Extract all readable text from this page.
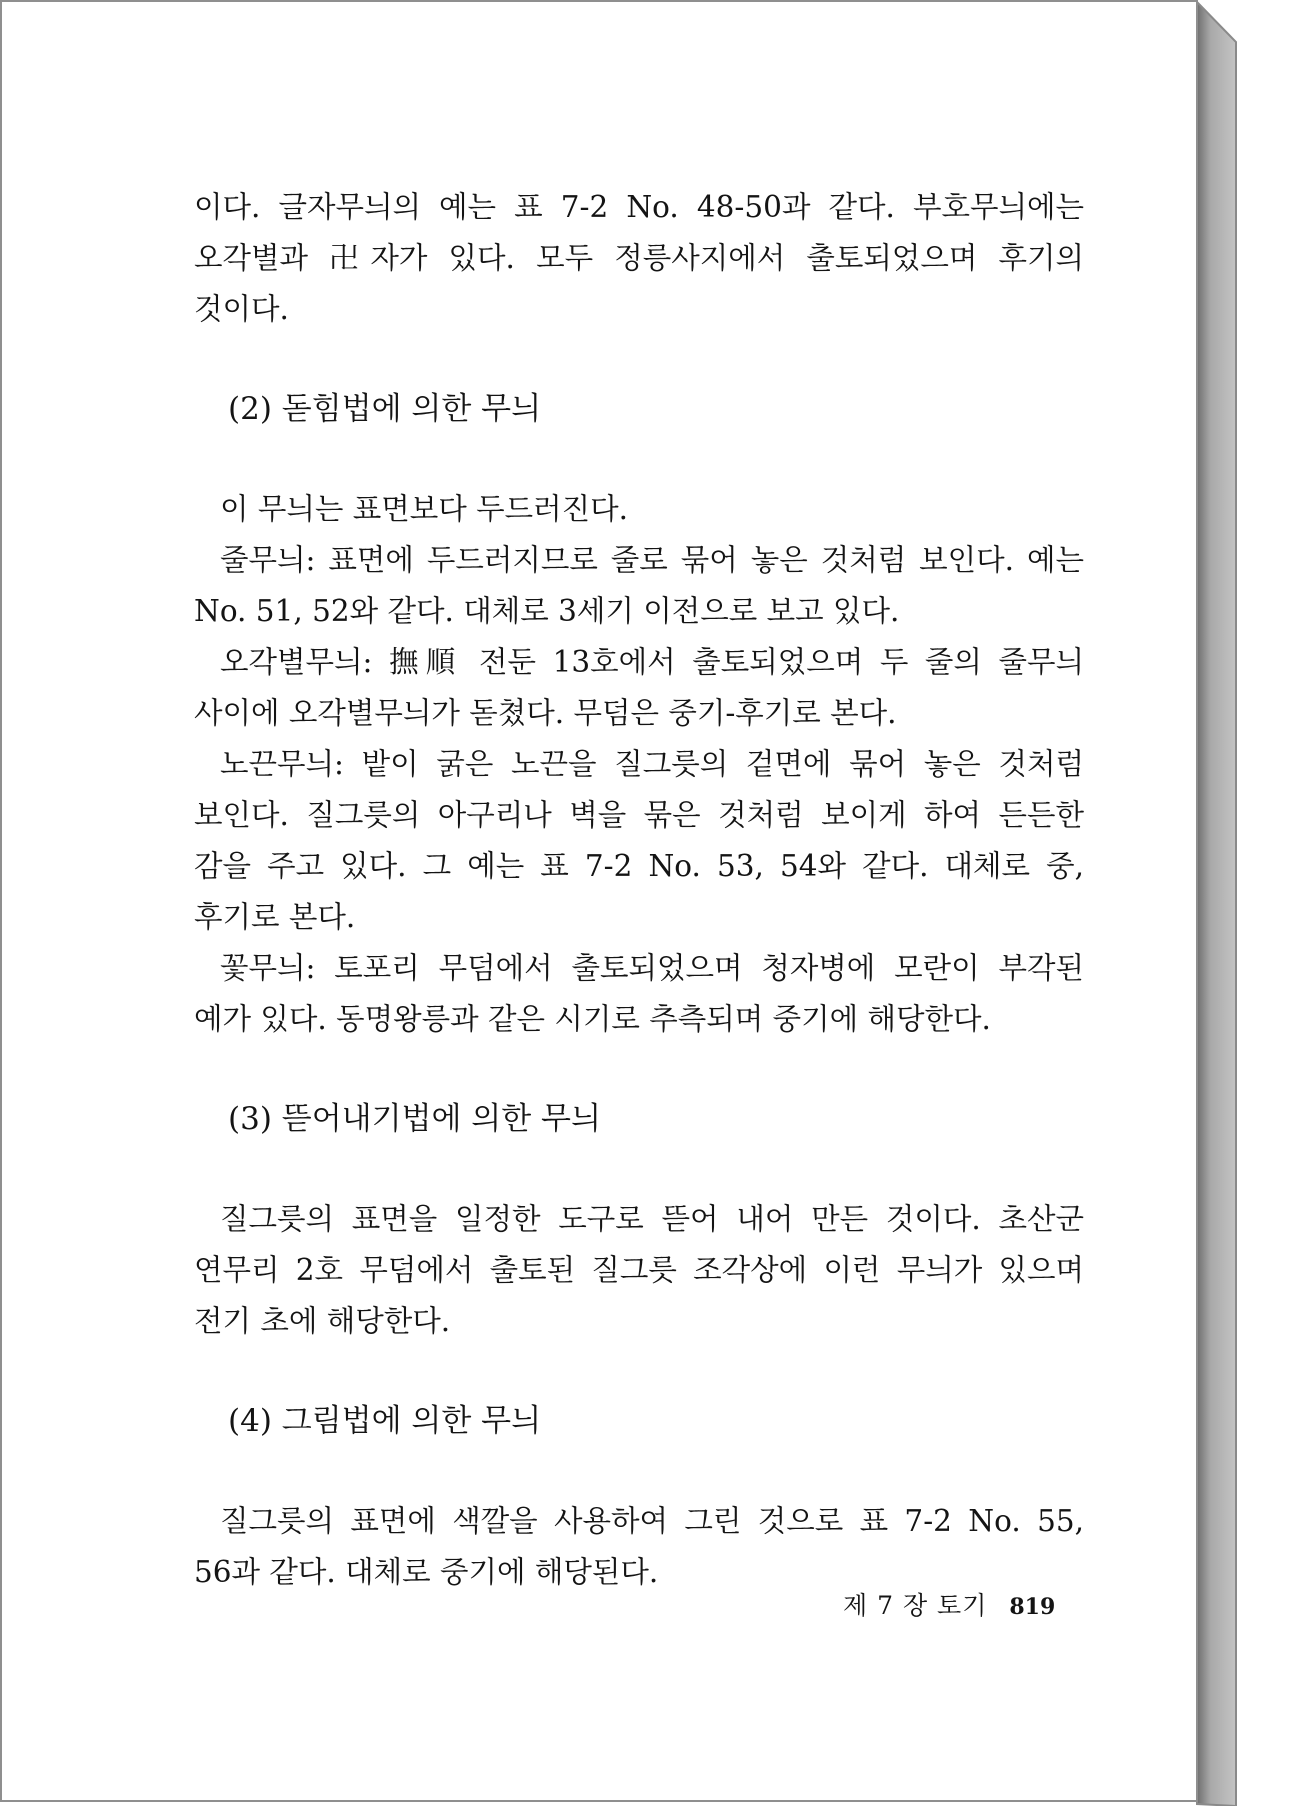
이다. 글자무늬의 예는 표 7-2 No. 48-50과 같다. 부호무늬에는 오각별과 卍자가 있다. 모두 정릉사지에서 출토되었으며 후기의 것이다.

(2) 돋힘법에 의한 무늬

이 무늬는 표면보다 두드러진다.

줄무늬: 표면에 두드러지므로 줄로 묶어 놓은 것처럼 보인다. 예는 No. 51, 52와 같다. 대체로 3세기 이전으로 보고 있다.

오각별무늬: 撫順 전둔 13호에서 출토되었으며 두 줄의 줄무늬 사이에 오각별무늬가 돋쳤다. 무덤은 중기-후기로 본다.

노끈무늬: 밭이 굵은 노끈을 질그릇의 겉면에 묶어 놓은 것처럼 보인다. 질그릇의 아구리나 벽을 묶은 것처럼 보이게 하여 든든한 감을 주고 있다. 그 예는 표 7-2 No. 53, 54와 같다. 대체로 중, 후기로 본다.

꽃무늬: 토포리 무덤에서 출토되었으며 청자병에 모란이 부각된 예가 있다. 동명왕릉과 같은 시기로 추측되며 중기에 해당한다.

(3) 뜯어내기법에 의한 무늬

질그릇의 표면을 일정한 도구로 뜯어 내어 만든 것이다. 초산군 연무리 2호 무덤에서 출토된 질그릇 조각상에 이런 무늬가 있으며 전기 초에 해당한다.

(4) 그림법에 의한 무늬

질그릇의 표면에 색깔을 사용하여 그린 것으로 표 7-2 No. 55, 56과 같다. 대체로 중기에 해당된다.

제 7 장 토기 819
